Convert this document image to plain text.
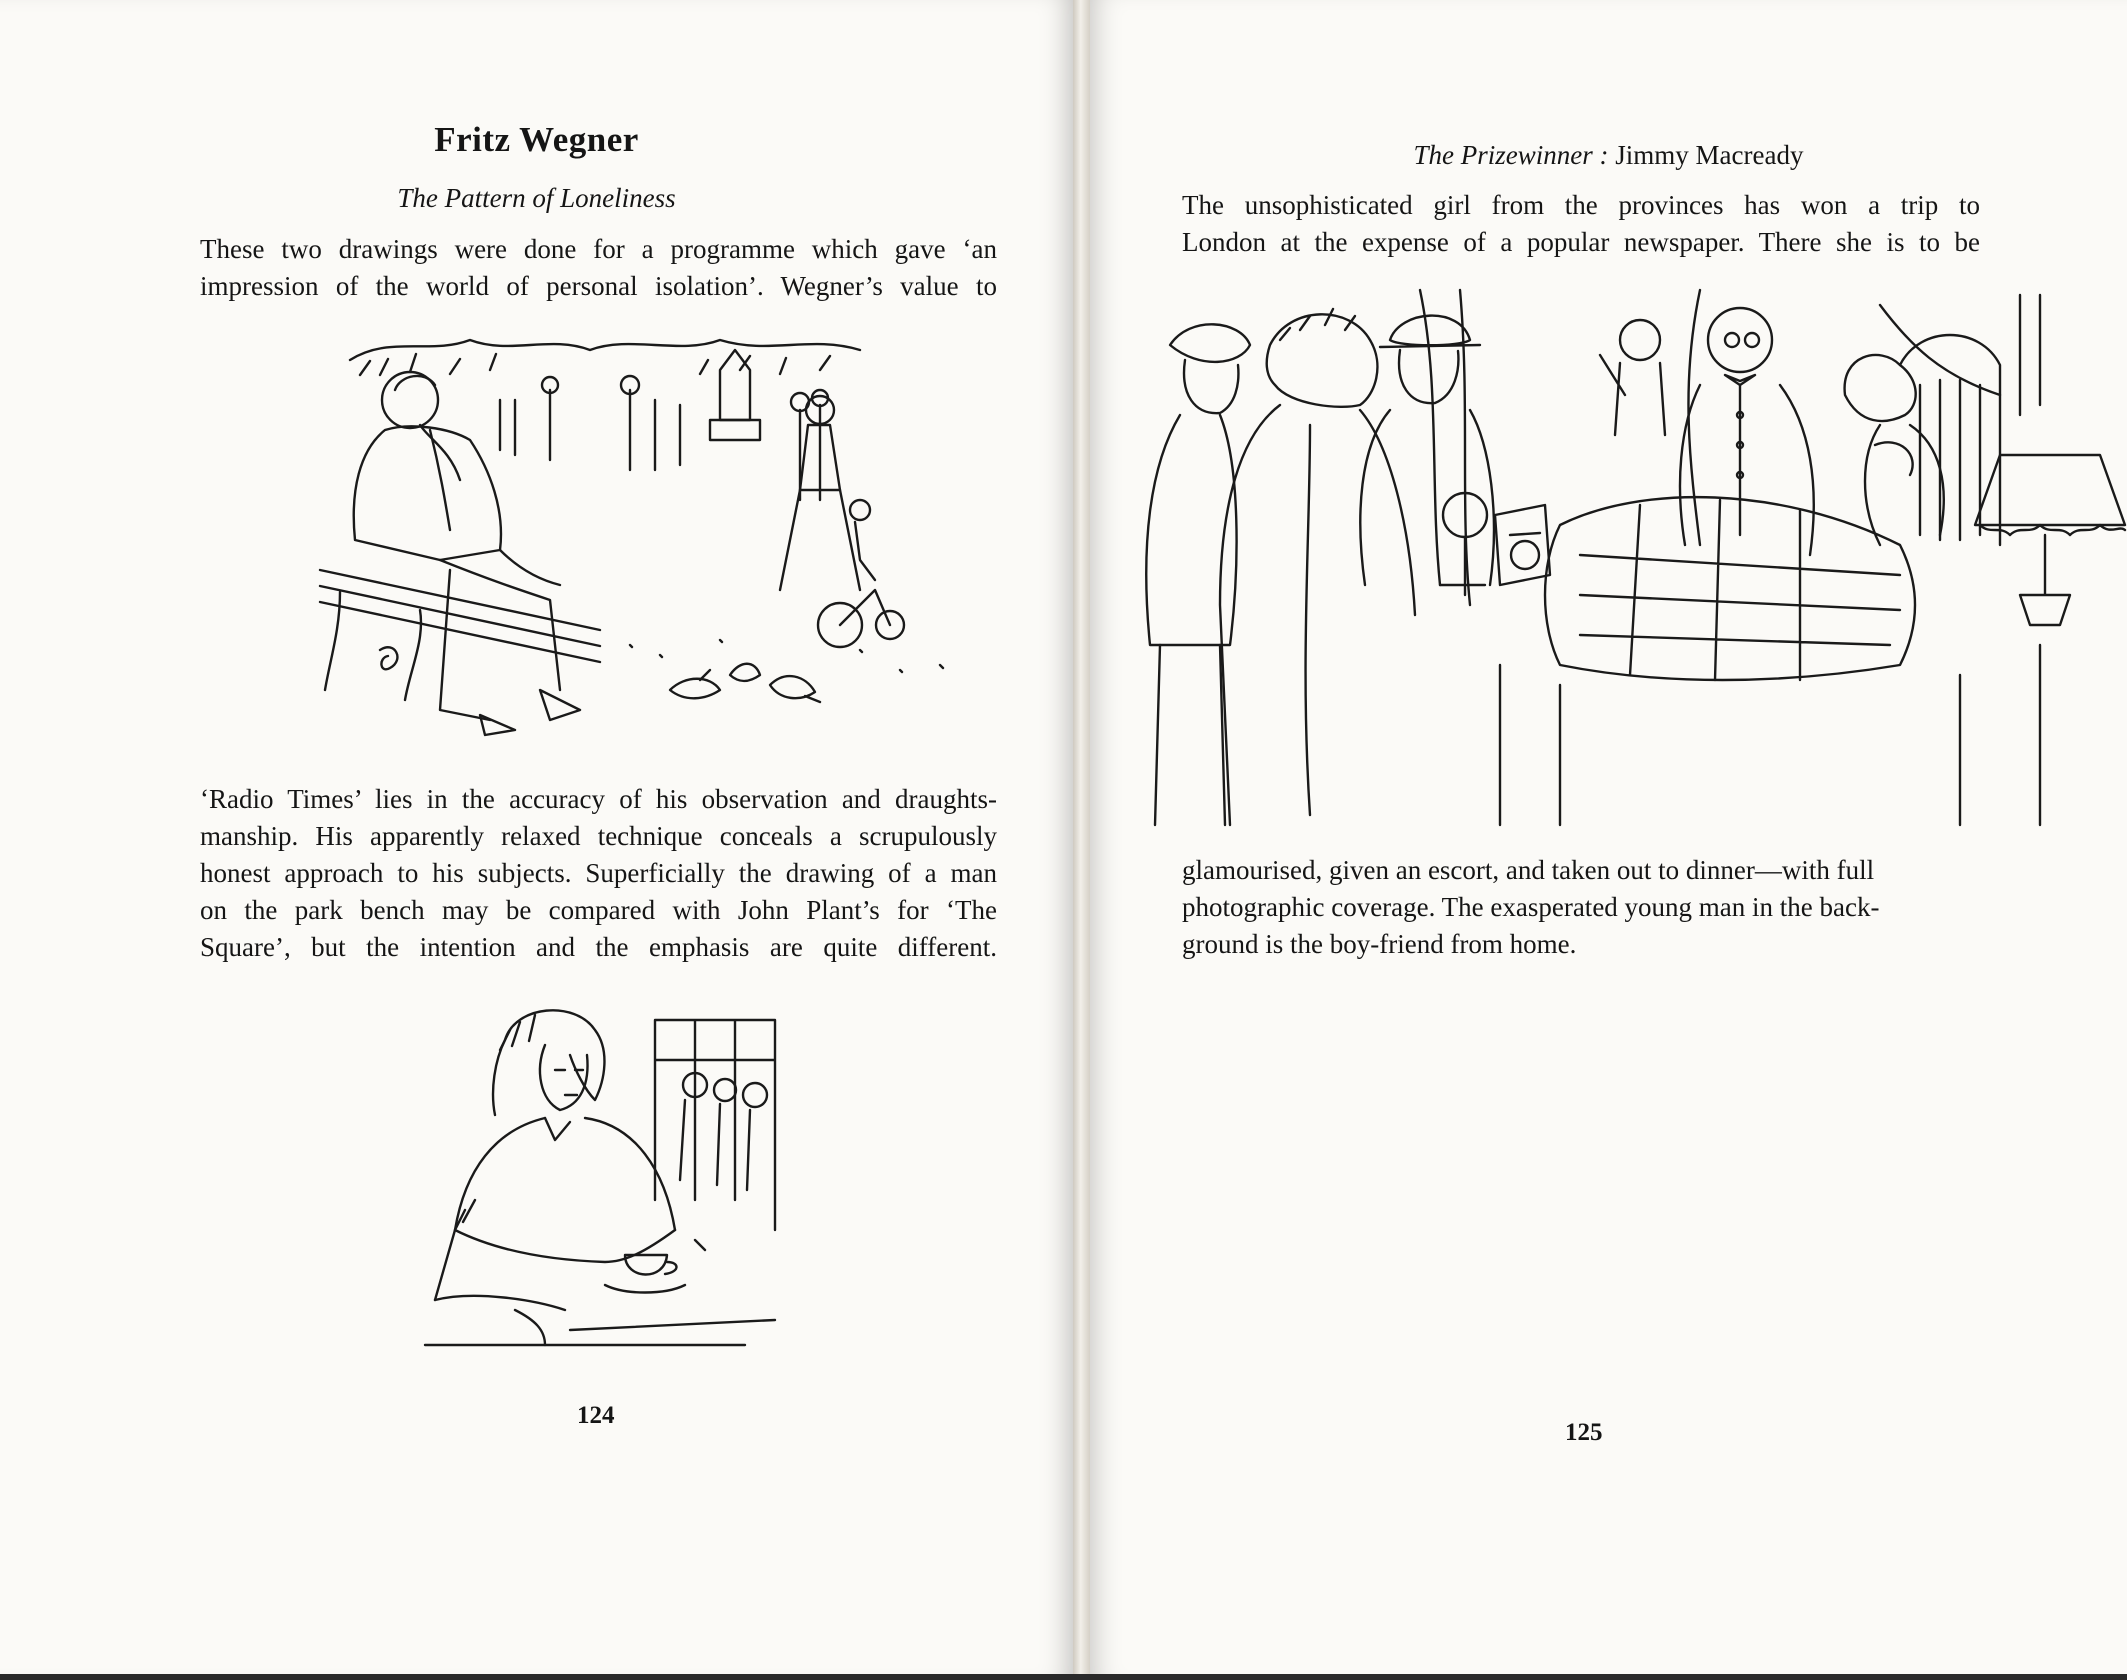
Fritz Wegner
The Pattern of Loneliness
These two drawings were done for a programme which gave ‘an
impression of the world of personal isolation’. Wegner’s value to
‘Radio Times’ lies in the accuracy of his observation and draughts-
manship. His apparently relaxed technique conceals a scrupulously
honest approach to his subjects. Superficially the drawing of a man
on the park bench may be compared with John Plant’s for ‘The
Square’, but the intention and the emphasis are quite different.
124
The Prizewinner : Jimmy Macready
The unsophisticated girl from the provinces has won a trip to
London at the expense of a popular newspaper. There she is to be
glamourised, given an escort, and taken out to dinner—with full
photographic coverage. The exasperated young man in the back-
ground is the boy-friend from home.
125
